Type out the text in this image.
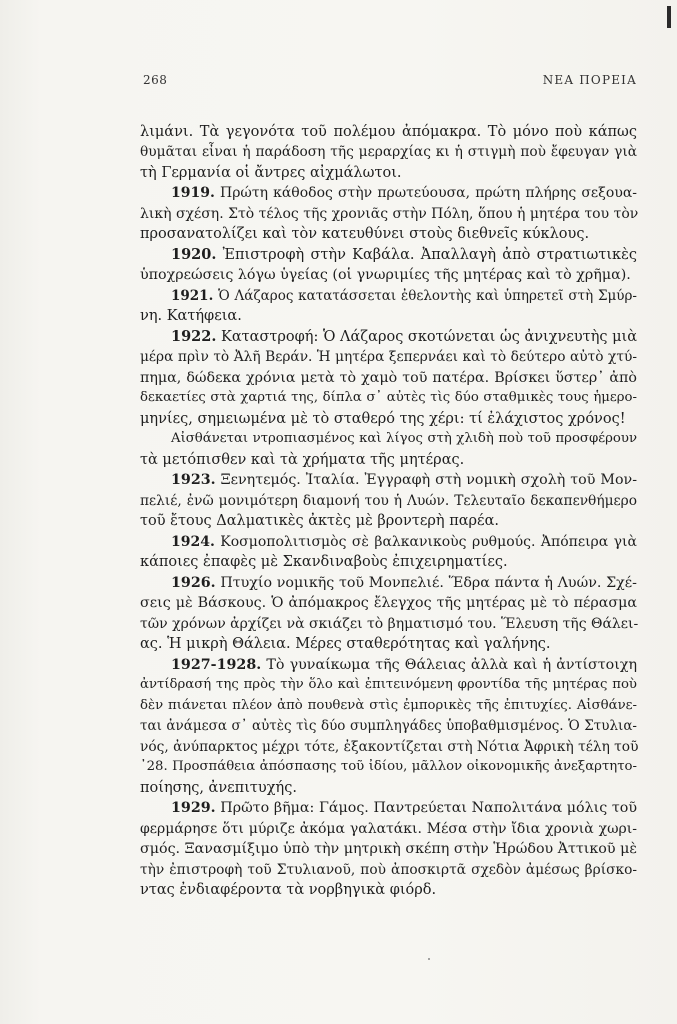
268	ΝΕΑ ΠΟΡΕΙΑ
λιμάνι. Τὰ γεγονότα τοῦ πολέμου ἀπόμακρα. Τὸ μόνο ποὺ κάπως
θυμᾶται εἶναι ἡ παράδοση τῆς μεραρχίας κι ἡ στιγμὴ ποὺ ἔφευγαν γιὰ
τὴ Γερμανία οἱ ἄντρες αἰχμάλωτοι.
1919. Πρώτη κάθοδος στὴν πρωτεύουσα, πρώτη πλήρης σεξουα-
λικὴ σχέση. Στὸ τέλος τῆς χρονιᾶς στὴν Πόλη, ὅπου ἡ μητέρα του τὸν
προσανατολίζει καὶ τὸν κατευθύνει στοὺς διεθνεῖς κύκλους.
1920. Ἐπιστροφὴ στὴν Καβάλα. Ἀπαλλαγὴ ἀπὸ στρατιωτικὲς
ὑποχρεώσεις λόγω ὑγείας (οἱ γνωριμίες τῆς μητέρας καὶ τὸ χρῆμα).
1921. Ὁ Λάζαρος κατατάσσεται ἐθελοντὴς καὶ ὑπηρετεῖ στὴ Σμύρ-
νη. Κατήφεια.
1922. Καταστροφή: Ὁ Λάζαρος σκοτώνεται ὡς ἀνιχνευτὴς μιὰ
μέρα πρὶν τὸ Ἀλῆ Βεράν. Ἡ μητέρα ξεπερνάει καὶ τὸ δεύτερο αὐτὸ χτύ-
πημα, δώδεκα χρόνια μετὰ τὸ χαμὸ τοῦ πατέρα. Βρίσκει ὕστερ᾽ ἀπὸ
δεκαετίες στὰ χαρτιά της, δίπλα σ᾽ αὐτὲς τὶς δύο σταθμικὲς τους ἡμερο-
μηνίες, σημειωμένα μὲ τὸ σταθερό της χέρι: τί ἐλάχιστος χρόνος!
Αἰσθάνεται ντροπιασμένος καὶ λίγος στὴ χλιδὴ ποὺ τοῦ προσφέρουν
τὰ μετόπισθεν καὶ τὰ χρήματα τῆς μητέρας.
1923. Ξενητεμός. Ἰταλία. Ἐγγραφὴ στὴ νομικὴ σχολὴ τοῦ Μον-
πελιέ, ἐνῶ μονιμότερη διαμονή του ἡ Λυών. Τελευταῖο δεκαπενθήμερο
τοῦ ἔτους Δαλματικὲς ἀκτὲς μὲ βροντερὴ παρέα.
1924. Κοσμοπολιτισμὸς σὲ βαλκανικοὺς ρυθμούς. Ἀπόπειρα γιὰ
κάποιες ἐπαφὲς μὲ Σκανδιναβοὺς ἐπιχειρηματίες.
1926. Πτυχίο νομικῆς τοῦ Μονπελιέ. Ἕδρα πάντα ἡ Λυών. Σχέ-
σεις μὲ Βάσκους. Ὁ ἀπόμακρος ἔλεγχος τῆς μητέρας μὲ τὸ πέρασμα
τῶν χρόνων ἀρχίζει νὰ σκιάζει τὸ βηματισμό του. Ἕλευση τῆς Θάλει-
ας. Ἡ μικρὴ Θάλεια. Μέρες σταθερότητας καὶ γαλήνης.
1927-1928. Τὸ γυναίκωμα τῆς Θάλειας ἀλλὰ καὶ ἡ ἀντίστοιχη
ἀντίδρασή της πρὸς τὴν ὅλο καὶ ἐπιτεινόμενη φροντίδα τῆς μητέρας ποὺ
δὲν πιάνεται πλέον ἀπὸ πουθενὰ στὶς ἐμπορικὲς τῆς ἐπιτυχίες. Αἰσθάνε-
ται ἀνάμεσα σ᾽ αὐτὲς τὶς δύο συμπληγάδες ὑποβαθμισμένος. Ὁ Στυλια-
νός, ἀνύπαρκτος μέχρι τότε, ἐξακοντίζεται στὴ Νότια Ἀφρικὴ τέλη τοῦ
᾽28. Προσπάθεια ἀπόσπασης τοῦ ἰδίου, μᾶλλον οἰκονομικῆς ἀνεξαρτητο-
ποίησης, ἀνεπιτυχής.
1929. Πρῶτο βῆμα: Γάμος. Παντρεύεται Ναπολιτάνα μόλις τοῦ
φερμάρησε ὅτι μύριζε ἀκόμα γαλατάκι. Μέσα στὴν ἴδια χρονιὰ χωρι-
σμός. Ξανασμίξιμο ὑπὸ τὴν μητρικὴ σκέπη στὴν Ἡρώδου Ἀττικοῦ μὲ
τὴν ἐπιστροφὴ τοῦ Στυλιανοῦ, ποὺ ἀποσκιρτᾶ σχεδὸν ἀμέσως βρίσκο-
ντας ἐνδιαφέροντα τὰ νορβηγικὰ φιόρδ.
